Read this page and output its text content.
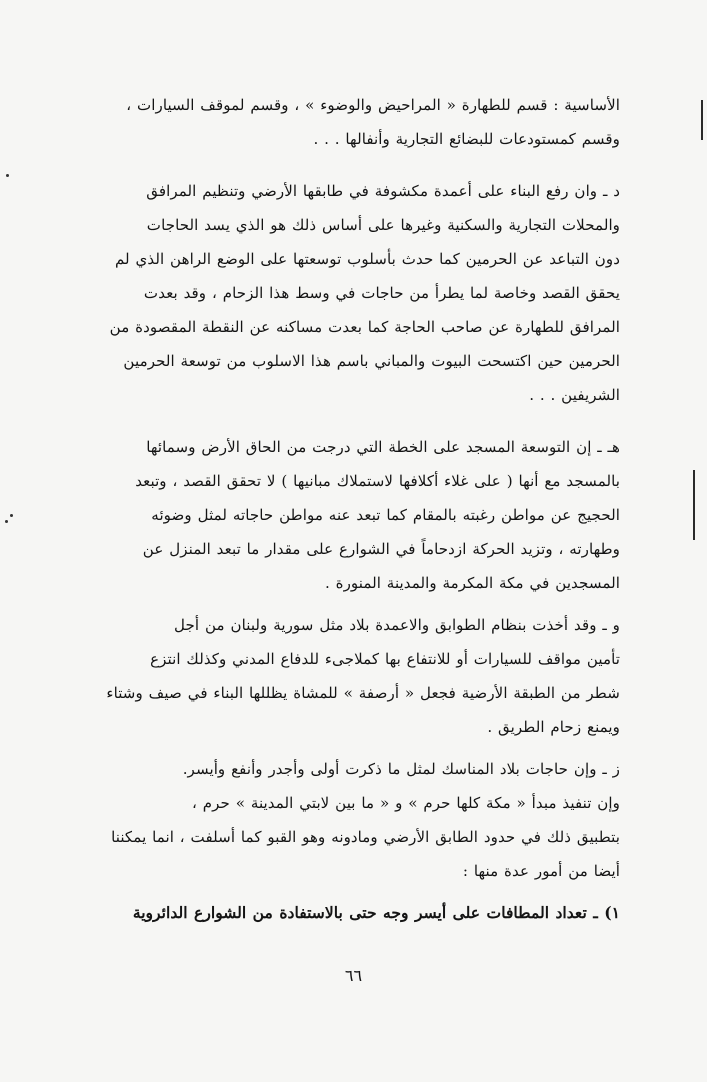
الأساسية : قسم للطهارة « المراحيض والوضوء » ، وقسم لموقف السيارات ،
وقسم كمستودعات للبضائع التجارية وأنفالها . . .

د ـ وان رفع البناء على أعمدة مكشوفة في طابقها الأرضي وتنظيم المرافق
والمحلات التجارية والسكنية وغيرها على أساس ذلك هو الذي يسد الحاجات
دون التباعد عن الحرمين كما حدث بأسلوب توسعتها على الوضع الراهن الذي لم
يحقق القصد وخاصة لما يطرأ من حاجات في وسط هذا الزحام ، وقد بعدت
المرافق للطهارة عن صاحب الحاجة كما بعدت مساكنه عن النقطة المقصودة من
الحرمين حين اكتسحت البيوت والمباني باسم هذا الاسلوب من توسعة الحرمين
الشريفين . . .

هـ ـ إن التوسعة المسجد على الخطة التي درجت من الحاق الأرض وسمائها
بالمسجد مع أنها ( على غلاء أكلافها لاستملاك مبانيها ) لا تحقق القصد ، وتبعد
الحجيج عن مواطن رغبته بالمقام كما تبعد عنه مواطن حاجاته لمثل وضوئه
وطهارته ، وتزيد الحركة ازدحاماً في الشوارع على مقدار ما تبعد المنزل عن
المسجدين في مكة المكرمة والمدينة المنورة .

و ـ وقد أخذت بنظام الطوابق والاعمدة بلاد مثل سورية ولبنان من أجل
تأمين مواقف للسيارات أو للانتفاع بها كملاجىء للدفاع المدني وكذلك انتزع
شطر من الطبقة الأرضية فجعل « أرصفة » للمشاة يظللها البناء في صيف وشتاء
ويمنع زحام الطريق .

ز ـ وإن حاجات بلاد المناسك لمثل ما ذكرت أولى وأجدر وأنفع وأيسر.

وإن تنفيذ مبدأ « مكة كلها حرم » و « ما بين لابتي المدينة » حرم ،
بتطبيق ذلك في حدود الطابق الأرضي ومادونه وهو القبو كما أسلفت ، انما يمكننا
أيضا من أمور عدة منها :

١) ـ تعداد المطافات على أيسر وجه حتى بالاستفادة من الشوارع الدائروية

٦٦
